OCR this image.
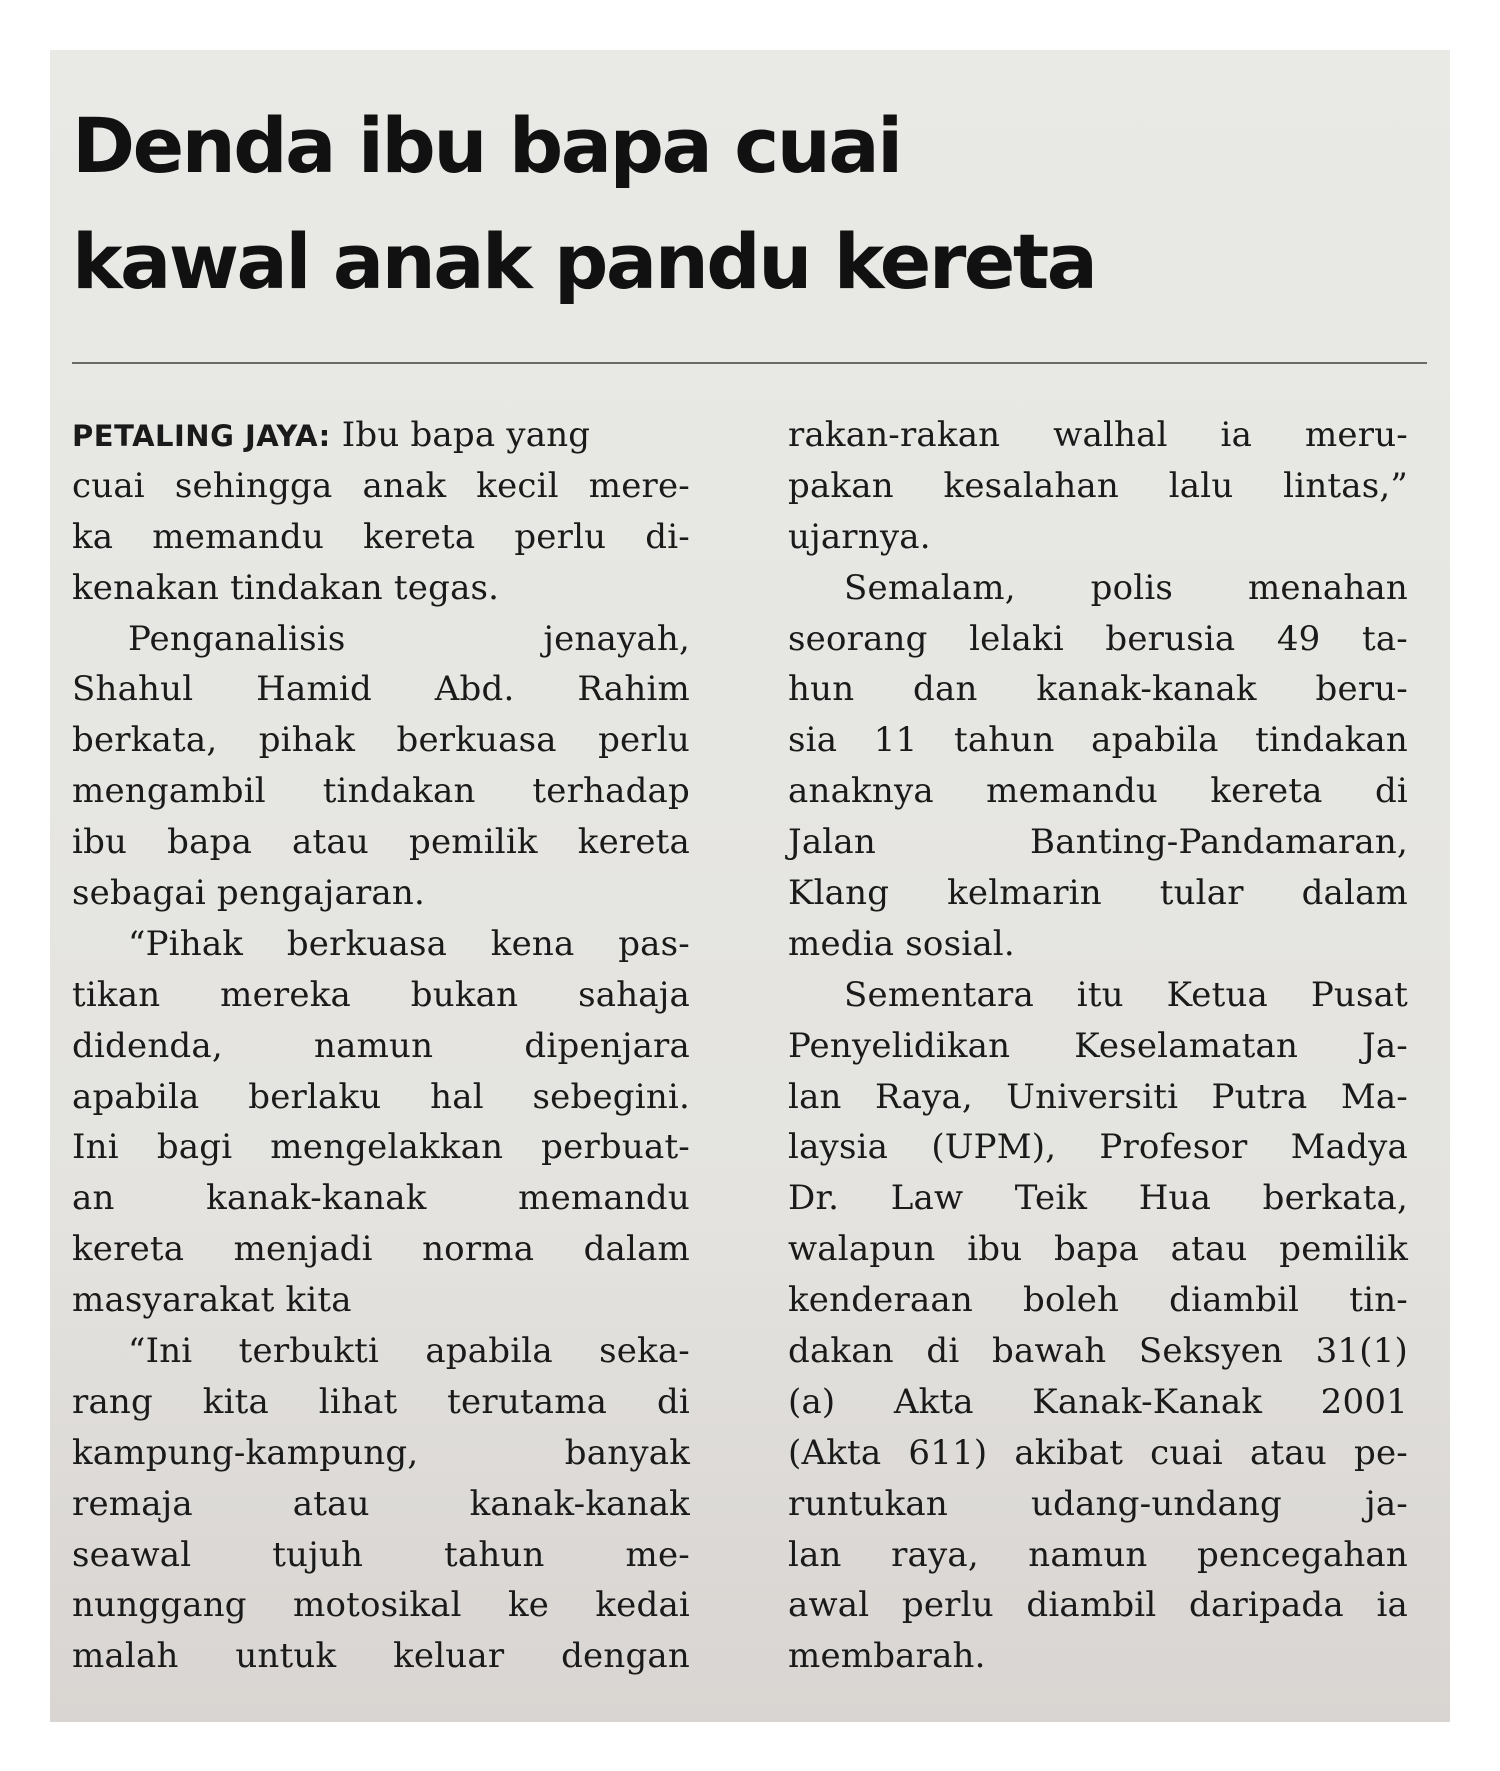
Denda ibu bapa cuai
kawal anak pandu kereta
PETALING JAYA: Ibu bapa yang
cuai sehingga anak kecil mere-
ka memandu kereta perlu di-
kenakan tindakan tegas.
Penganalisis jenayah,
Shahul Hamid Abd. Rahim
berkata, pihak berkuasa perlu
mengambil tindakan terhadap
ibu bapa atau pemilik kereta
sebagai pengajaran.
“Pihak berkuasa kena pas-
tikan mereka bukan sahaja
didenda, namun dipenjara
apabila berlaku hal sebegini.
Ini bagi mengelakkan perbuat-
an kanak-kanak memandu
kereta menjadi norma dalam
masyarakat kita
“Ini terbukti apabila seka-
rang kita lihat terutama di
kampung-kampung, banyak
remaja atau kanak-kanak
seawal tujuh tahun me-
nunggang motosikal ke kedai
malah untuk keluar dengan
rakan-rakan walhal ia meru-
pakan kesalahan lalu lintas,”
ujarnya.
Semalam, polis menahan
seorang lelaki berusia 49 ta-
hun dan kanak-kanak beru-
sia 11 tahun apabila tindakan
anaknya memandu kereta di
Jalan Banting-Pandamaran,
Klang kelmarin tular dalam
media sosial.
Sementara itu Ketua Pusat
Penyelidikan Keselamatan Ja-
lan Raya, Universiti Putra Ma-
laysia (UPM), Profesor Madya
Dr. Law Teik Hua berkata,
walapun ibu bapa atau pemilik
kenderaan boleh diambil tin-
dakan di bawah Seksyen 31(1)
(a) Akta Kanak-Kanak 2001
(Akta 611) akibat cuai atau pe-
runtukan udang-undang ja-
lan raya, namun pencegahan
awal perlu diambil daripada ia
membarah.
